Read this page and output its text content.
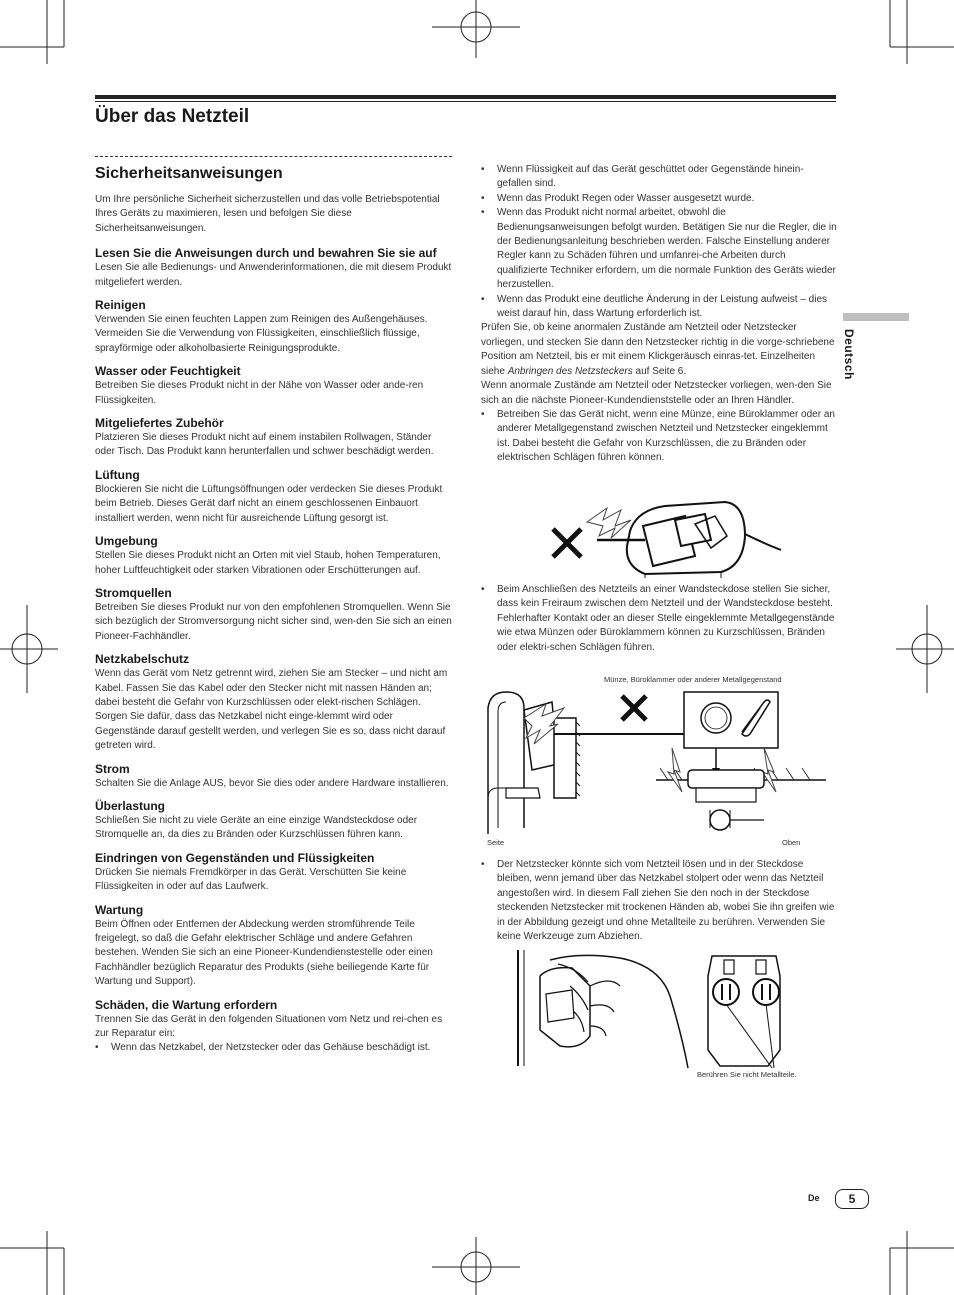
Über das Netzteil
Sicherheitsanweisungen

Um Ihre persönliche Sicherheit sicherzustellen und das volle Betriebspotential Ihres Geräts zu maximieren, lesen und befolgen Sie diese Sicherheitsanweisungen.

Lesen Sie die Anweisungen durch und bewahren Sie sie auf

Lesen Sie alle Bedienungs- und Anwenderinformationen, die mit diesem Produkt mitgeliefert werden.

Reinigen

Verwenden Sie einen feuchten Lappen zum Reinigen des Außengehäuses. Vermeiden Sie die Verwendung von Flüssigkeiten, einschließlich flüssige, sprayförmige oder alkoholbasierte Reinigungsprodukte.

Wasser oder Feuchtigkeit

Betreiben Sie dieses Produkt nicht in der Nähe von Wasser oder ande-ren Flüssigkeiten.

Mitgeliefertes Zubehör

Platzieren Sie dieses Produkt nicht auf einem instabilen Rollwagen, Ständer oder Tisch. Das Produkt kann herunterfallen und schwer beschädigt werden.

Lüftung

Blockieren Sie nicht die Lüftungsöffnungen oder verdecken Sie dieses Produkt beim Betrieb. Dieses Gerät darf nicht an einem geschlossenen Einbauort installiert werden, wenn nicht für ausreichende Lüftung gesorgt ist.

Umgebung

Stellen Sie dieses Produkt nicht an Orten mit viel Staub, hohen Temperaturen, hoher Luftfeuchtigkeit oder starken Vibrationen oder Erschütterungen auf.

Stromquellen

Betreiben Sie dieses Produkt nur von den empfohlenen Stromquellen. Wenn Sie sich bezüglich der Stromversorgung nicht sicher sind, wen-den Sie sich an einen Pioneer-Fachhändler.

Netzkabelschutz

Wenn das Gerät vom Netz getrennt wird, ziehen Sie am Stecker – und nicht am Kabel. Fassen Sie das Kabel oder den Stecker nicht mit nassen Händen an; dabei besteht die Gefahr von Kurzschlüssen oder elekt-rischen Schlägen. Sorgen Sie dafür, dass das Netzkabel nicht einge-klemmt wird oder Gegenstände darauf gestellt werden, und verlegen Sie es so, dass nicht darauf getreten wird.

Strom

Schalten Sie die Anlage AUS, bevor Sie dies oder andere Hardware installieren.

Überlastung

Schließen Sie nicht zu viele Geräte an eine einzige Wandsteckdose oder Stromquelle an, da dies zu Bränden oder Kurzschlüssen führen kann.

Eindringen von Gegenständen und Flüssigkeiten

Drücken Sie niemals Fremdkörper in das Gerät. Verschütten Sie keine Flüssigkeiten in oder auf das Laufwerk.

Wartung

Beim Öffnen oder Entfernen der Abdeckung werden stromführende Teile freigelegt, so daß die Gefahr elektrischer Schläge und andere Gefahren bestehen. Wenden Sie sich an eine Pioneer-Kundendienstestelle oder einen Fachhändler bezüglich Reparatur des Produkts (siehe beiliegende Karte für Wartung und Support).

Schäden, die Wartung erfordern

Trennen Sie das Gerät in den folgenden Situationen vom Netz und rei-chen es zur Reparatur ein:

• Wenn das Netzkabel, der Netzstecker oder das Gehäuse beschädigt ist.
• Wenn Flüssigkeit auf das Gerät geschüttet oder Gegenstände hinein-gefallen sind.
• Wenn das Produkt Regen oder Wasser ausgesetzt wurde.
• Wenn das Produkt nicht normal arbeitet, obwohl die Bedienungsanweisungen befolgt wurden. Betätigen Sie nur die Regler, die in der Bedienungsanleitung beschrieben werden. Falsche Einstellung anderer Regler kann zu Schäden führen und umfanrei-che Arbeiten durch qualifizierte Techniker erfordern, um die normale Funktion des Geräts wieder herzustellen.
• Wenn das Produkt eine deutliche Änderung in der Leistung aufweist – dies weist darauf hin, dass Wartung erforderlich ist.

Prüfen Sie, ob keine anormalen Zustände am Netzteil oder Netzstecker vorliegen, und stecken Sie dann den Netzstecker richtig in die vorge-schriebene Position am Netzteil, bis er mit einem Klickgeräusch einras-tet. Einzelheiten siehe Anbringen des Netzsteckers auf Seite 6.

Wenn anormale Zustände am Netzteil oder Netzstecker vorliegen, wen-den Sie sich an die nächste Pioneer-Kundendienststelle oder an Ihren Händler.

• Betreiben Sie das Gerät nicht, wenn eine Münze, eine Büroklammer oder an anderer Metallgegenstand zwischen Netzteil und Netzstecker eingeklemmt ist. Dabei besteht die Gefahr von Kurzschlüssen, die zu Bränden oder elektrischen Schlägen führen können.
• Beim Anschließen des Netzteils an einer Wandsteckdose stellen Sie sicher, dass kein Freiraum zwischen dem Netzteil und der Wandsteckdose besteht. Fehlerhafter Kontakt oder an dieser Stelle eingeklemmte Metallgegenstände wie etwa Münzen oder Büroklammern können zu Kurzschlüssen, Bränden oder elektri-schen Schlägen führen.
Münze, Büroklammer oder anderer Metallgegenstand
Seite	Oben
• Der Netzstecker könnte sich vom Netzteil lösen und in der Steckdose bleiben, wenn jemand über das Netzkabel stolpert oder wenn das Netzteil angestoßen wird. In diesem Fall ziehen Sie den noch in der Steckdose steckenden Netzstecker mit trockenen Händen ab, wobei Sie ihn greifen wie in der Abbildung gezeigt und ohne Metallteile zu berühren. Verwenden Sie keine Werkzeuge zum Abziehen.
Berühren Sie nicht Metallteile.
Deutsch
De	5
